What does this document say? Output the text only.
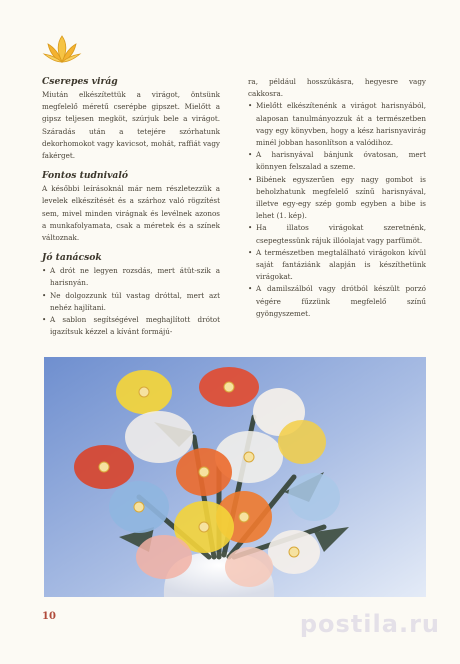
Cserepes virág

Miután elkészítettük a virágot, öntsünk megfelelő méretű cserépbe gipszet. Mielőtt a gipsz teljesen megköt, szúrjuk bele a virágot. Száradás után a tetejére szórhatunk dekorhomokot vagy kavicsot, mohát, raffiát vagy fakérget.

Fontos tudnivaló

A későbbi leírásoknál már nem részletezzük a levelek elkészítését és a szárhoz való rögzítést sem, mivel minden virágnak és levélnek azonos a munkafolyamata, csak a méretek és a színek változnak.

Jó tanácsok
• A drót ne legyen rozsdás, mert átüt-szik a harisnyán.
• Ne dolgozzunk túl vastag dróttal, mert azt nehéz hajlítani.
• A sablon segítségével meghajlított drótot igazítsuk kézzel a kívánt formájú-

ra, például hosszúkásra, hegyesre vagy cakkosra.

• Mielőtt elkészítenénk a virágot harisnyából, alaposan tanulmányozzuk át a természetben vagy egy könyvben, hogy a kész harisnyavirág minél jobban hasonlítson a valódihoz.
• A harisnyával bánjunk óvatosan, mert könnyen felszalad a szeme.
• Bibének egyszerűen egy nagy gombot is beholzhatunk megfelelő színű harisnyával, illetve egy-egy szép gomb egyben a bibe is lehet (1. kép).
• Ha illatos virágokat szeretnénk, csepegtessünk rájuk illóolajat vagy parfümöt.
• A természetben megtalálható virágokon kívül saját fantáziánk alapján is készíthetünk virágokat.
• A damilszálból vagy drótból készült porzó végére fűzzünk megfelelő színű gyöngyszemet.
10	postila.ru
